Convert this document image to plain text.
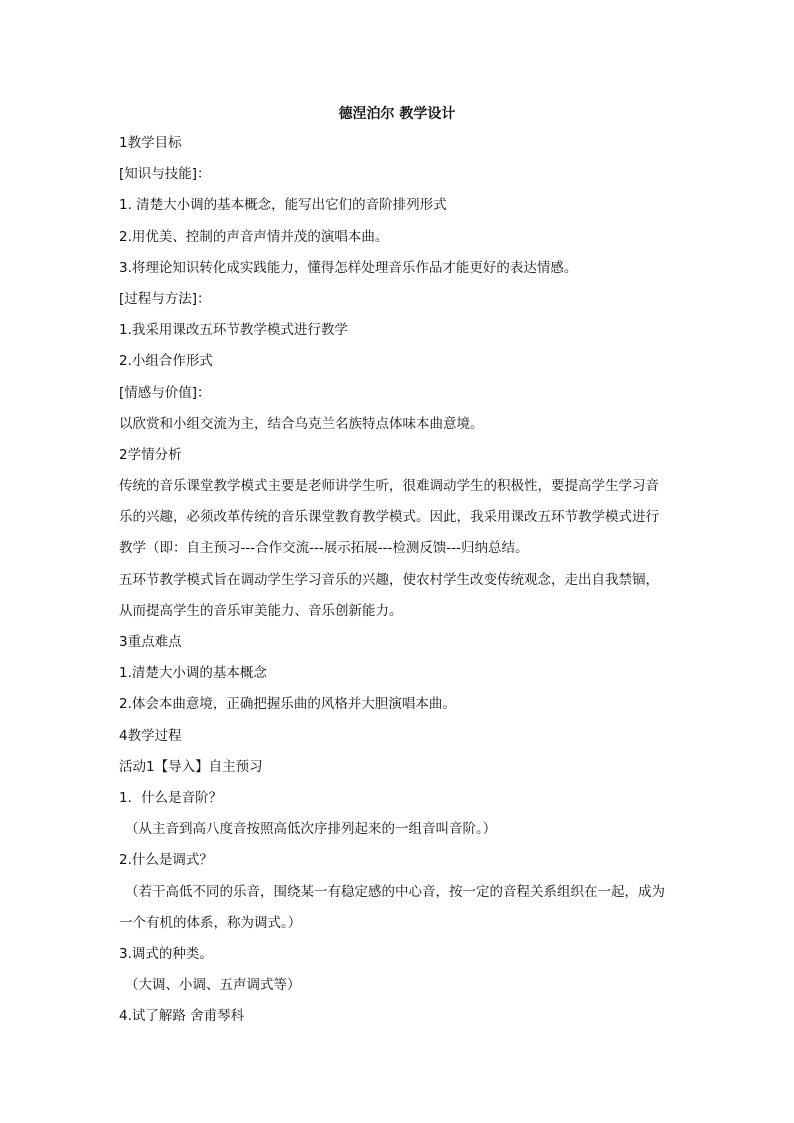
德涅泊尔 教学设计
1教学目标
[知识与技能]：
1. 清楚大小调的基本概念，能写出它们的音阶排列形式
2.用优美、控制的声音声情并茂的演唱本曲。
3.将理论知识转化成实践能力，懂得怎样处理音乐作品才能更好的表达情感。
[过程与方法]：
1.我采用课改五环节教学模式进行教学
2.小组合作形式
[情感与价值]：
以欣赏和小组交流为主，结合乌克兰名族特点体味本曲意境。
2学情分析
传统的音乐课堂教学模式主要是老师讲学生听，很难调动学生的积极性，要提高学生学习音
乐的兴趣，必须改革传统的音乐课堂教育教学模式。因此，我采用课改五环节教学模式进行
教学（即：自主预习---合作交流---展示拓展---检测反馈---归纳总结。
五环节教学模式旨在调动学生学习音乐的兴趣，使农村学生改变传统观念，走出自我禁锢，
从而提高学生的音乐审美能力、音乐创新能力。
3重点难点
1.清楚大小调的基本概念
2.体会本曲意境，正确把握乐曲的风格并大胆演唱本曲。
4教学过程
活动1【导入】自主预习
1．什么是音阶？
（从主音到高八度音按照高低次序排列起来的一组音叫音阶。）
2.什么是调式？
（若干高低不同的乐音，围绕某一有稳定感的中心音，按一定的音程关系组织在一起，成为
一个有机的体系，称为调式。）
3.调式的种类。
（大调、小调、五声调式等）
4.试了解路 舍甫琴科
